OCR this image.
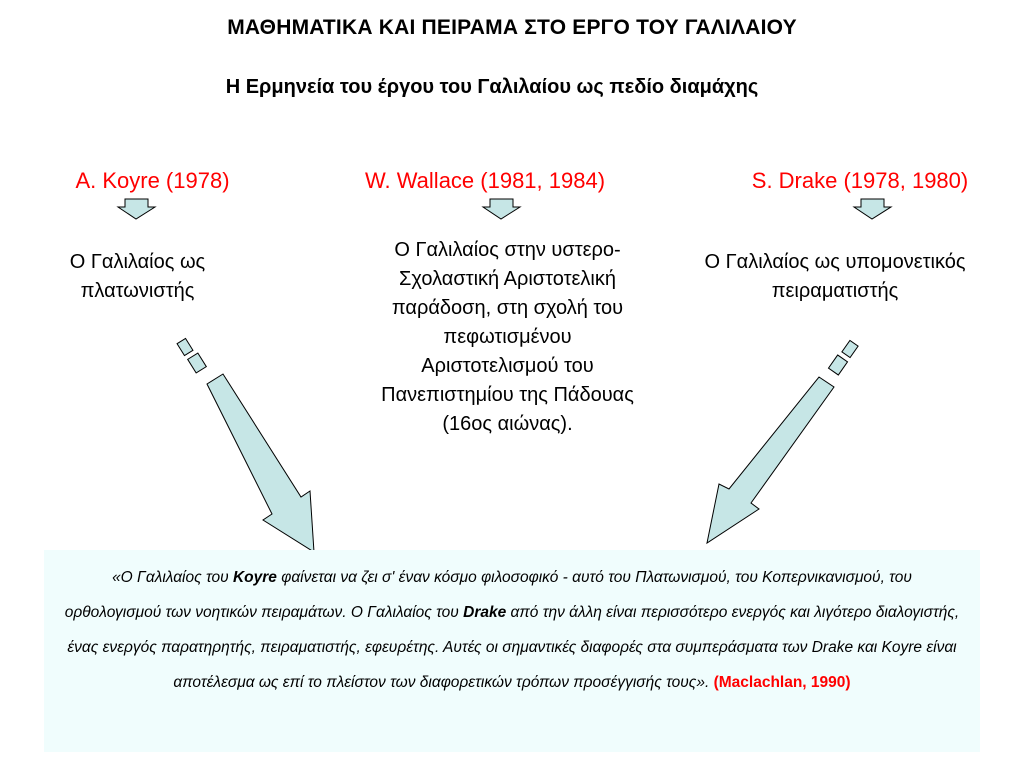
ΜΑΘΗΜΑΤΙΚΑ ΚΑΙ ΠΕΙΡΑΜΑ ΣΤΟ ΕΡΓΟ ΤΟΥ ΓΑΛΙΛΑΙΟΥ
Η Ερμηνεία του έργου του Γαλιλαίου ως πεδίο διαμάχης
A. Koyre (1978)	W. Wallace (1981, 1984)	S. Drake (1978, 1980)
Ο Γαλιλαίος ως
πλατωνιστής
Ο Γαλιλαίος στην υστερο-
Σχολαστική Αριστοτελική
παράδοση, στη σχολή του
πεφωτισμένου
Αριστοτελισμού του
Πανεπιστημίου της Πάδουας
(16ος αιώνας).
Ο Γαλιλαίος ως υπομονετικός
πειραματιστής

«Ο Γαλιλαίος του Koyre φαίνεται να ζει σ' έναν κόσμο φιλοσοφικό - αυτό του Πλατωνισμού, του Κοπερνικανισμού, του ορθολογισμού των νοητικών πειραμάτων. Ο Γαλιλαίος του Drake από την άλλη είναι περισσότερο ενεργός και λιγότερο διαλογιστής, ένας ενεργός παρατηρητής, πειραματιστής, εφευρέτης. Αυτές οι σημαντικές διαφορές στα συμπεράσματα των Drake και Koyre είναι αποτέλεσμα ως επί το πλείστον των διαφορετικών τρόπων προσέγγισής τους». (Maclachlan, 1990)
